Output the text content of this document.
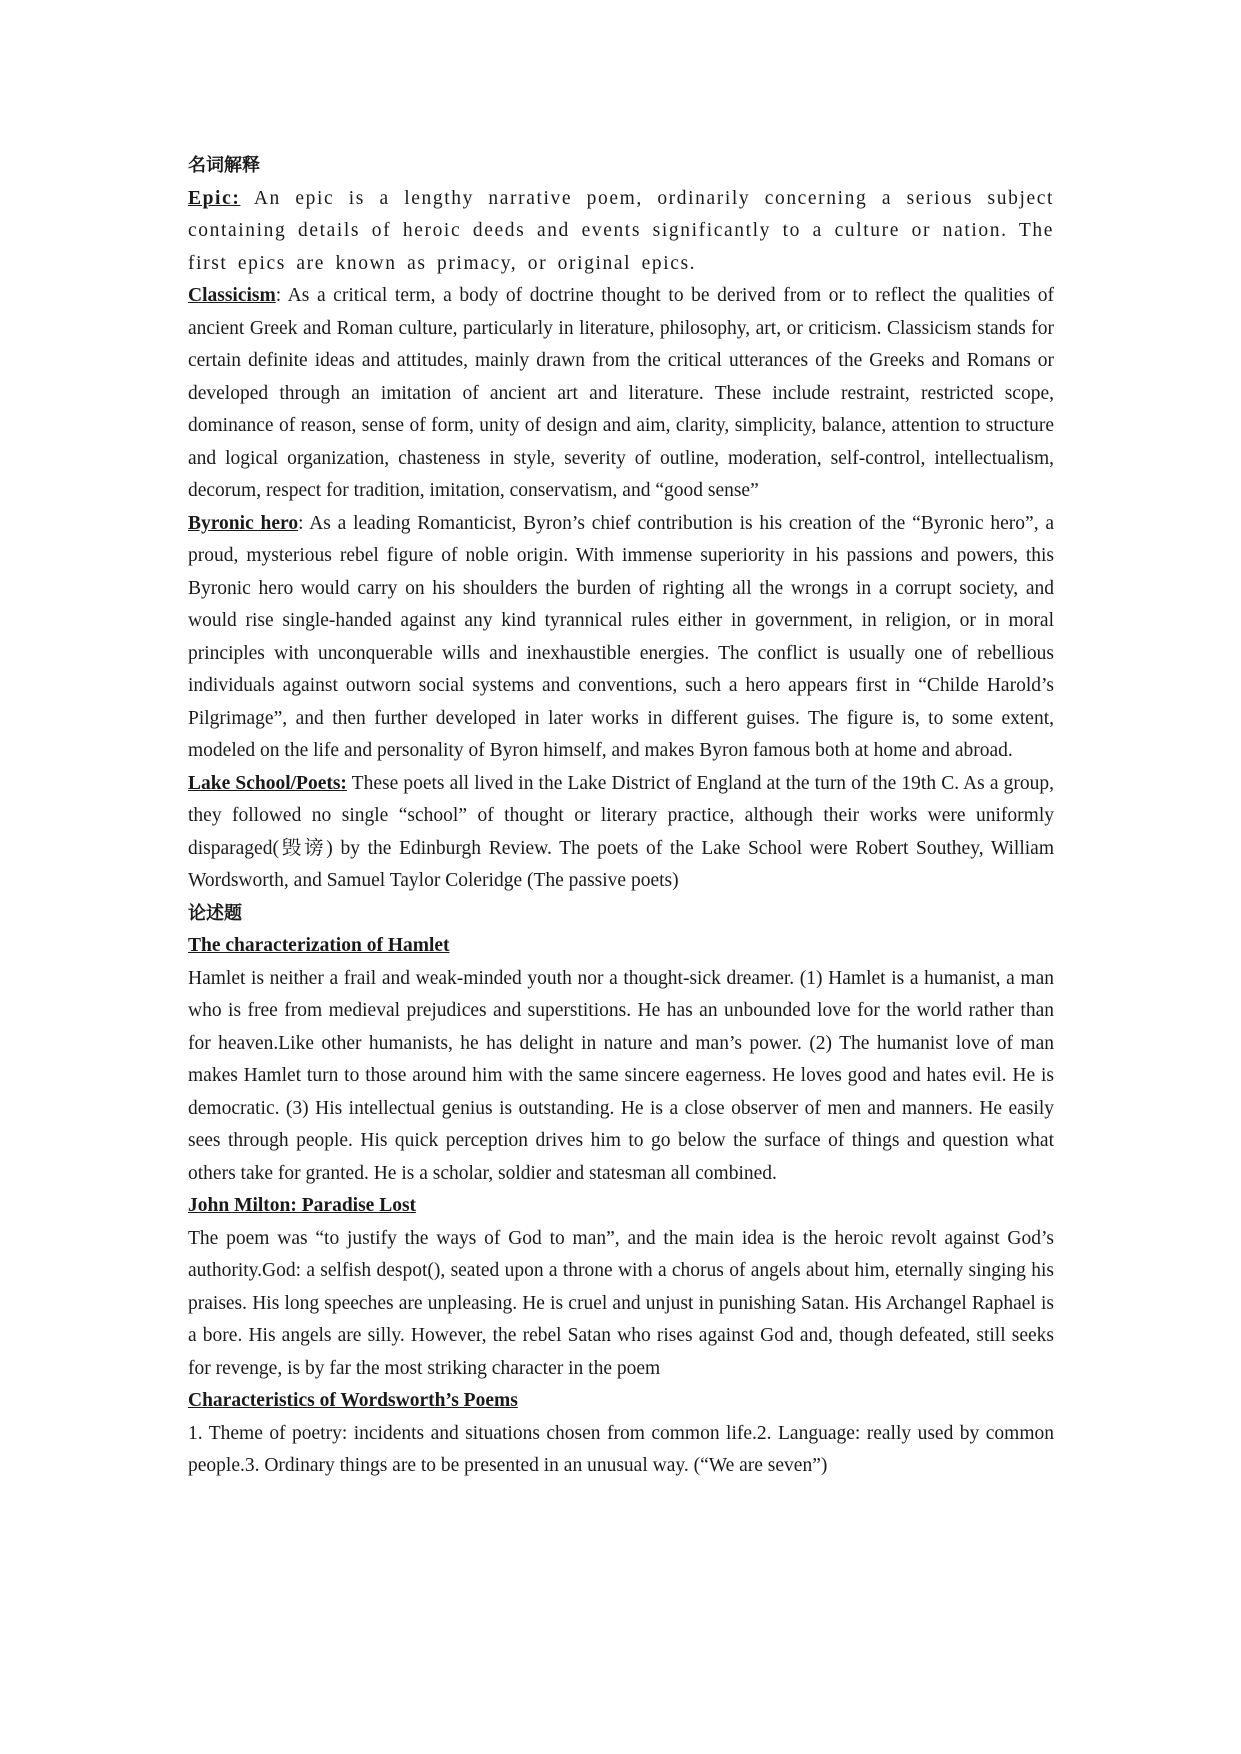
名词解释

Epic: An epic is a lengthy narrative poem, ordinarily concerning a serious subject containing details of heroic deeds and events significantly to a culture or nation. The first epics are known as primacy, or original epics.

Classicism: As a critical term, a body of doctrine thought to be derived from or to reflect the qualities of ancient Greek and Roman culture, particularly in literature, philosophy, art, or criticism. Classicism stands for certain definite ideas and attitudes, mainly drawn from the critical utterances of the Greeks and Romans or developed through an imitation of ancient art and literature. These include restraint, restricted scope, dominance of reason, sense of form, unity of design and aim, clarity, simplicity, balance, attention to structure and logical organization, chasteness in style, severity of outline, moderation, self-control, intellectualism, decorum, respect for tradition, imitation, conservatism, and “good sense”

Byronic hero: As a leading Romanticist, Byron’s chief contribution is his creation of the “Byronic hero”, a proud, mysterious rebel figure of noble origin. With immense superiority in his passions and powers, this Byronic hero would carry on his shoulders the burden of righting all the wrongs in a corrupt society, and would rise single-handed against any kind tyrannical rules either in government, in religion, or in moral principles with unconquerable wills and inexhaustible energies. The conflict is usually one of rebellious individuals against outworn social systems and conventions, such a hero appears first in “Childe Harold’s Pilgrimage”, and then further developed in later works in different guises. The figure is, to some extent, modeled on the life and personality of Byron himself, and makes Byron famous both at home and abroad.

Lake School/Poets: These poets all lived in the Lake District of England at the turn of the 19th C. As a group, they followed no single “school” of thought or literary practice, although their works were uniformly disparaged(毁谤) by the Edinburgh Review. The poets of the Lake School were Robert Southey, William Wordsworth, and Samuel Taylor Coleridge (The passive poets)

论述题

The characterization of Hamlet

Hamlet is neither a frail and weak-minded youth nor a thought-sick dreamer. (1) Hamlet is a humanist, a man who is free from medieval prejudices and superstitions. He has an unbounded love for the world rather than for heaven.Like other humanists, he has delight in nature and man’s power. (2) The humanist love of man makes Hamlet turn to those around him with the same sincere eagerness. He loves good and hates evil. He is democratic. (3) His intellectual genius is outstanding. He is a close observer of men and manners. He easily sees through people. His quick perception drives him to go below the surface of things and question what others take for granted. He is a scholar, soldier and statesman all combined.

John Milton: Paradise Lost

The poem was “to justify the ways of God to man”, and the main idea is the heroic revolt against God’s authority.God: a selfish despot(), seated upon a throne with a chorus of angels about him, eternally singing his praises. His long speeches are unpleasing. He is cruel and unjust in punishing Satan. His Archangel Raphael is a bore. His angels are silly. However, the rebel Satan who rises against God and, though defeated, still seeks for revenge, is by far the most striking character in the poem

Characteristics of Wordsworth’s Poems

1. Theme of poetry: incidents and situations chosen from common life.2. Language: really used by common people.3. Ordinary things are to be presented in an unusual way. (“We are seven”)
